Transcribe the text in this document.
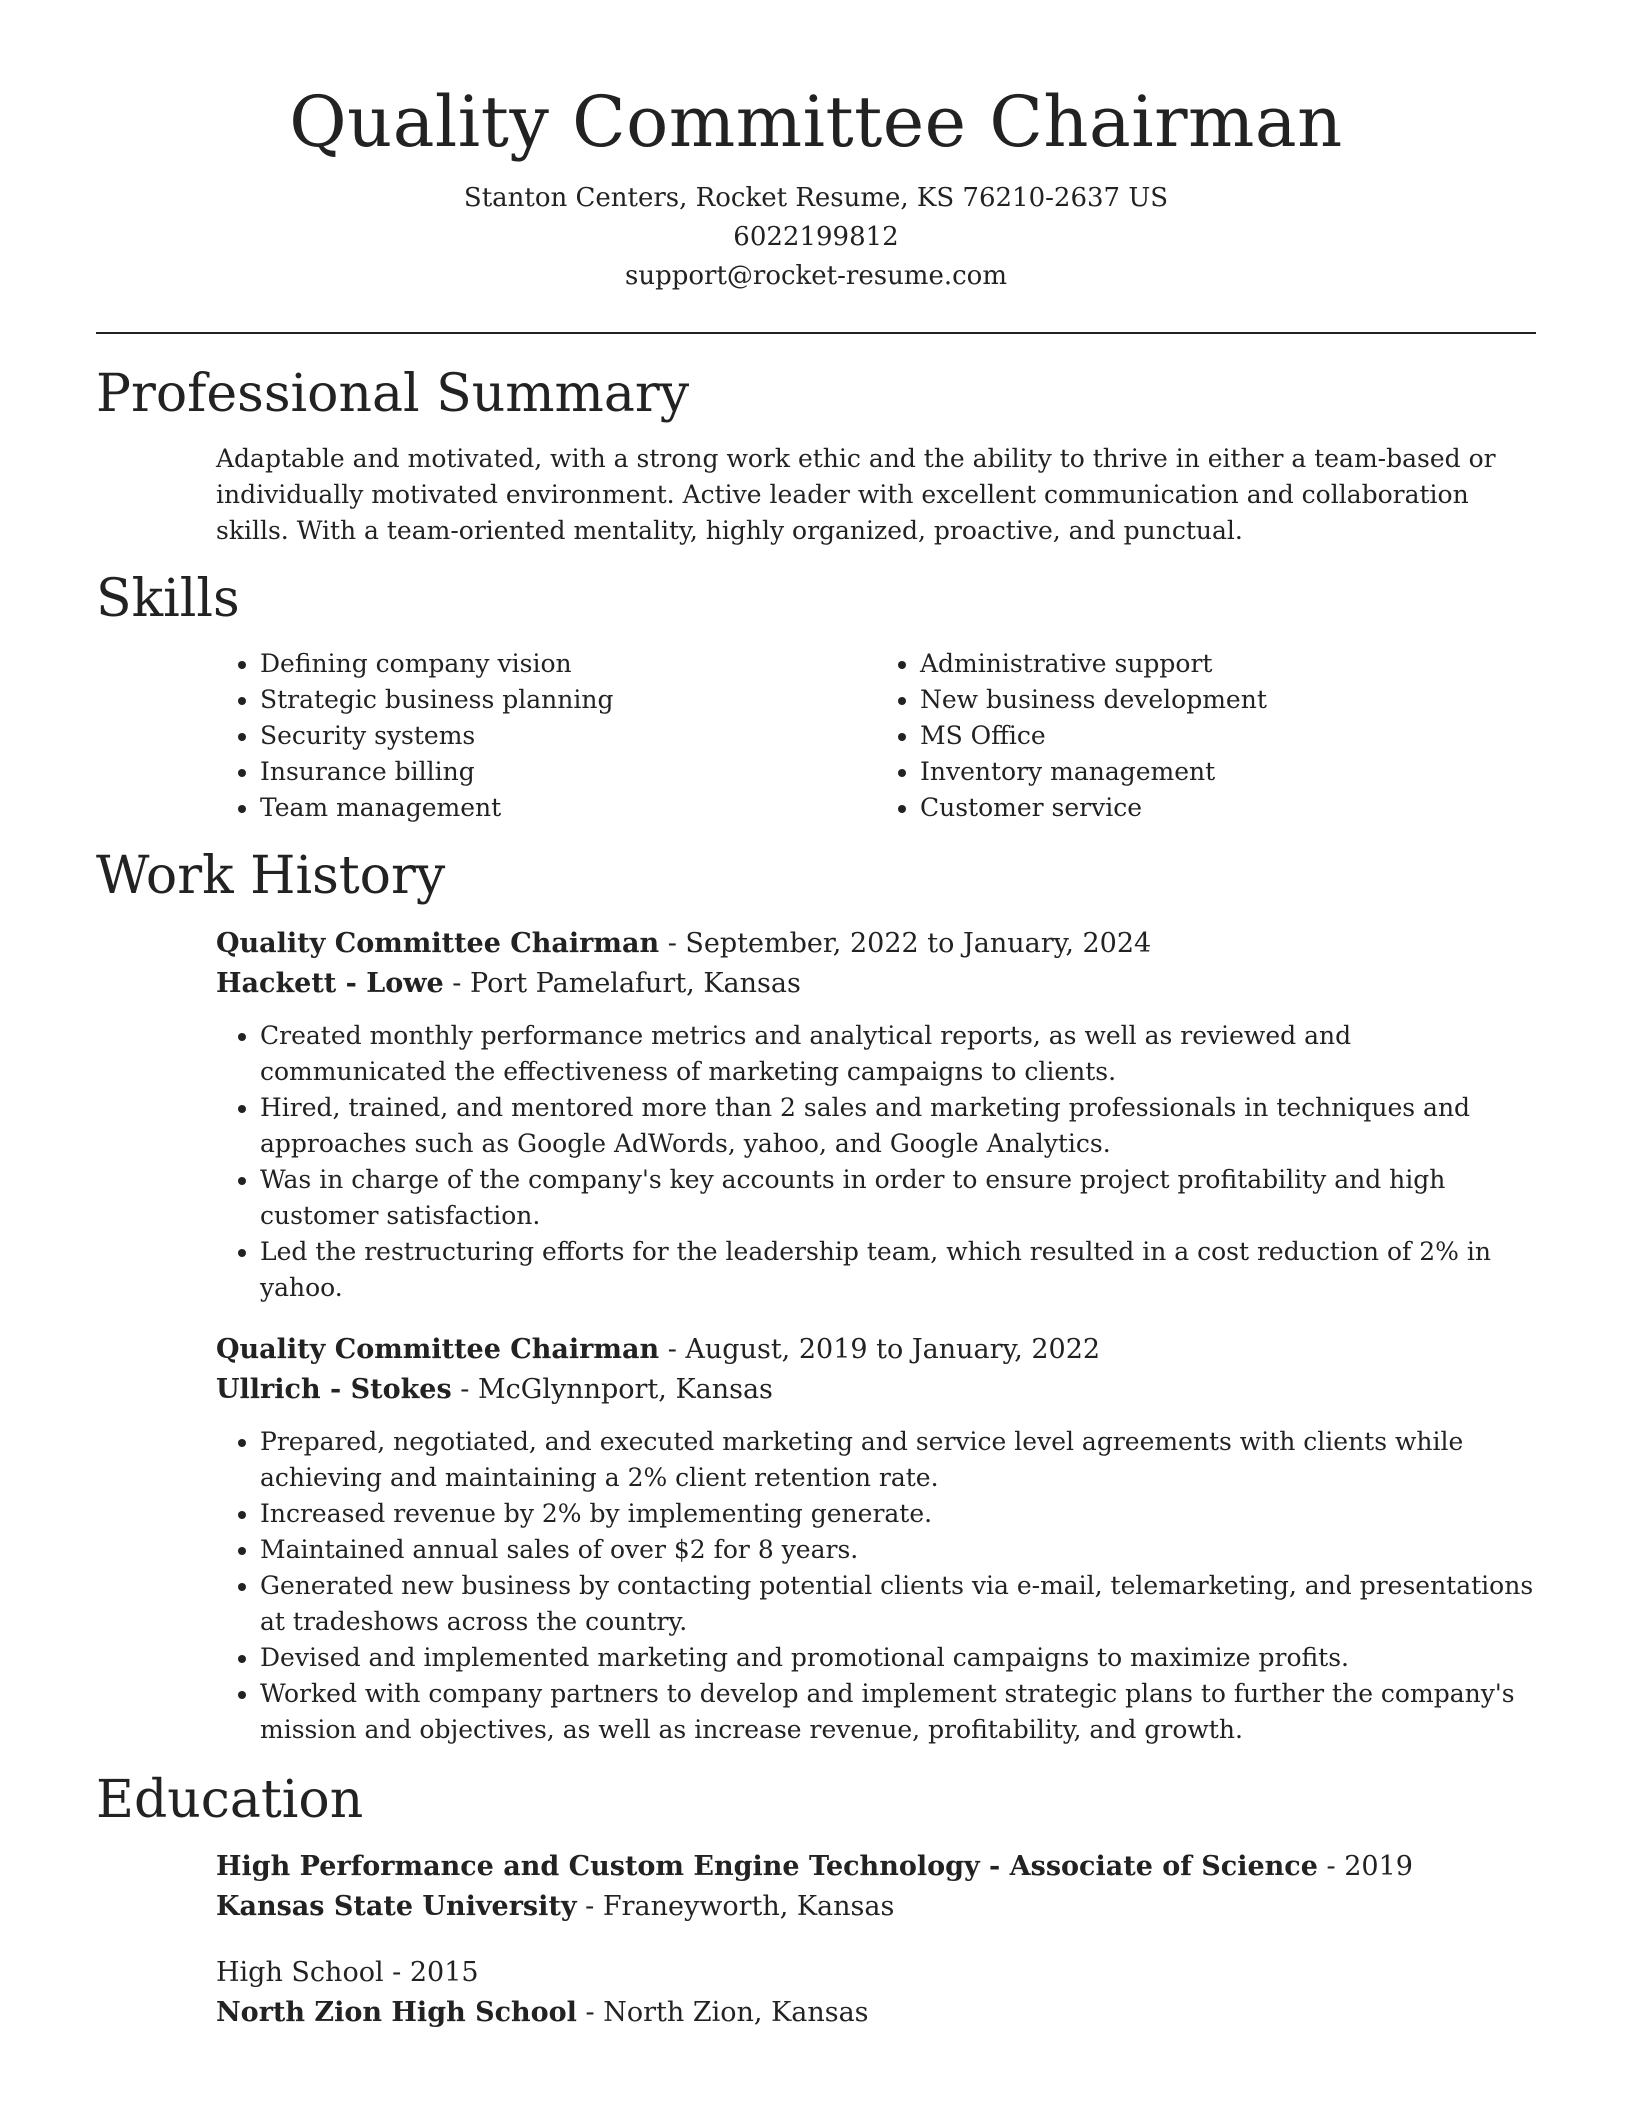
Quality Committee Chairman
Stanton Centers, Rocket Resume, KS 76210-2637 US
6022199812
support@rocket-resume.com
Professional Summary

Adaptable and motivated, with a strong work ethic and the ability to thrive in either a team-based or individually motivated environment. Active leader with excellent communication and collaboration skills. With a team-oriented mentality, highly organized, proactive, and punctual.

Skills
• Defining company vision
• Strategic business planning
• Security systems
• Insurance billing
• Team management
• Administrative support
• New business development
• MS Office
• Inventory management
• Customer service
Work History
Quality Committee Chairman - September, 2022 to January, 2024
Hackett - Lowe - Port Pamelafurt, Kansas
• Created monthly performance metrics and analytical reports, as well as reviewed and communicated the effectiveness of marketing campaigns to clients.
• Hired, trained, and mentored more than 2 sales and marketing professionals in techniques and approaches such as Google AdWords, yahoo, and Google Analytics.
• Was in charge of the company's key accounts in order to ensure project profitability and high customer satisfaction.
• Led the restructuring efforts for the leadership team, which resulted in a cost reduction of 2% in yahoo.
Quality Committee Chairman - August, 2019 to January, 2022
Ullrich - Stokes - McGlynnport, Kansas
• Prepared, negotiated, and executed marketing and service level agreements with clients while achieving and maintaining a 2% client retention rate.
• Increased revenue by 2% by implementing generate.
• Maintained annual sales of over $2 for 8 years.
• Generated new business by contacting potential clients via e-mail, telemarketing, and presentations at tradeshows across the country.
• Devised and implemented marketing and promotional campaigns to maximize profits.
• Worked with company partners to develop and implement strategic plans to further the company's mission and objectives, as well as increase revenue, profitability, and growth.
Education
High Performance and Custom Engine Technology - Associate of Science - 2019
Kansas State University - Franeyworth, Kansas
High School - 2015
North Zion High School - North Zion, Kansas
